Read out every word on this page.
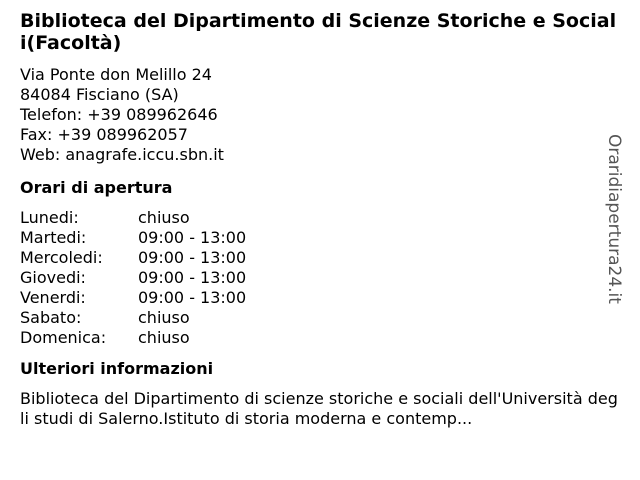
Biblioteca del Dipartimento di Scienze Storiche e Sociali(Facoltà)
Via Ponte don Melillo 24
84084 Fisciano (SA)
Telefon: +39 089962646
Fax: +39 089962057
Web: anagrafe.iccu.sbn.it
Orari di apertura
Lunedi:	chiuso
Martedi:	09:00 - 13:00
Mercoledi: 09:00 - 13:00
Giovedi:	09:00 - 13:00
Venerdi:	09:00 - 13:00
Sabato:	chiuso
Domenica: chiuso
Ulteriori informazioni
Biblioteca del Dipartimento di scienze storiche e sociali dell'Università degli studi di Salerno.Istituto di storia moderna e contemp...
Oraridiapertura24.it
